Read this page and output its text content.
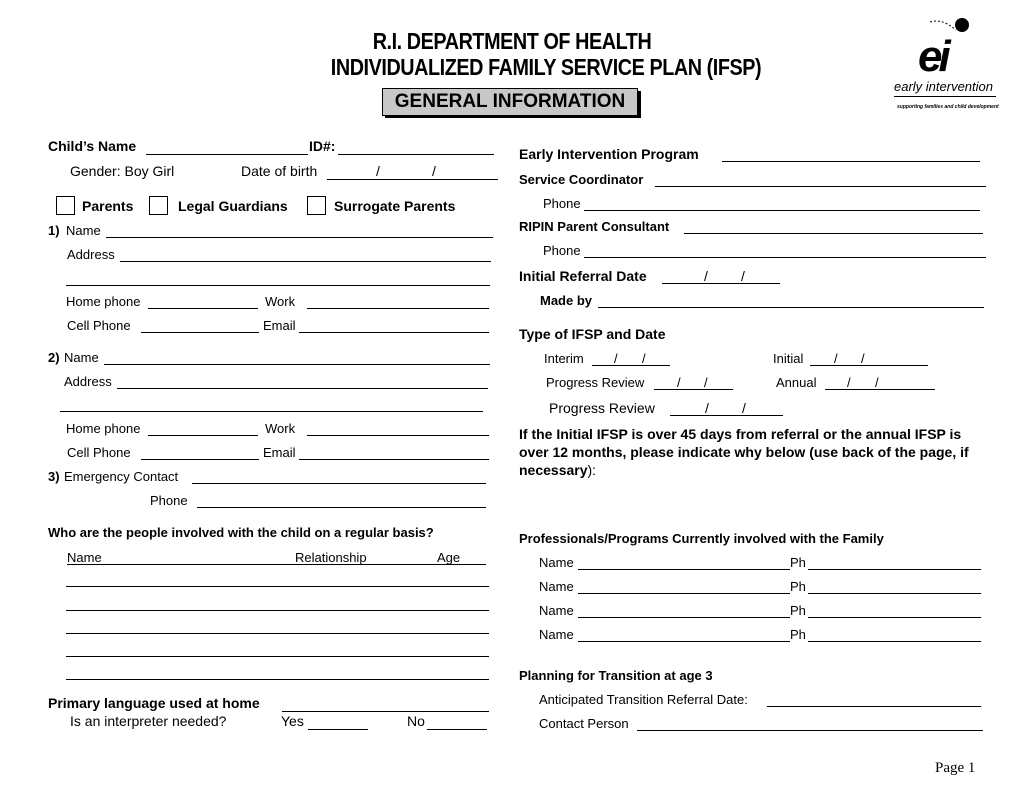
R.I. DEPARTMENT OF HEALTH
INDIVIDUALIZED FAMILY SERVICE PLAN (IFSP)
GENERAL INFORMATION
ei
early intervention
supporting families and child development
Child’s Name	ID#:
Gender: Boy Girl	Date of birth	/	/
Parents	Legal Guardians	Surrogate Parents
1) Name
Address
Home phone	Work
Cell Phone	Email
2) Name
Address
Home phone	Work
Cell Phone	Email
3) Emergency Contact
Phone
Who are the people involved with the child on a regular basis?
Name	Relationship	Age
Primary language used at home
Is an interpreter needed?	Yes	No
Early Intervention Program
Service Coordinator
Phone
RIPIN Parent Consultant
Phone
Initial Referral Date	/ /
Made by
Type of IFSP and Date
Interim / /	Initial / /
Progress Review	/ /	Annual / /
Progress Review	/ /
If the Initial IFSP is over 45 days from referral or the annual IFSP is over 12 months, please indicate why below (use back of the page, if necessary):
Professionals/Programs Currently involved with the Family
Name	Ph
Name	Ph
Name	Ph
Name	Ph
Planning for Transition at age 3
Anticipated Transition Referral Date:
Contact Person
Page 1
